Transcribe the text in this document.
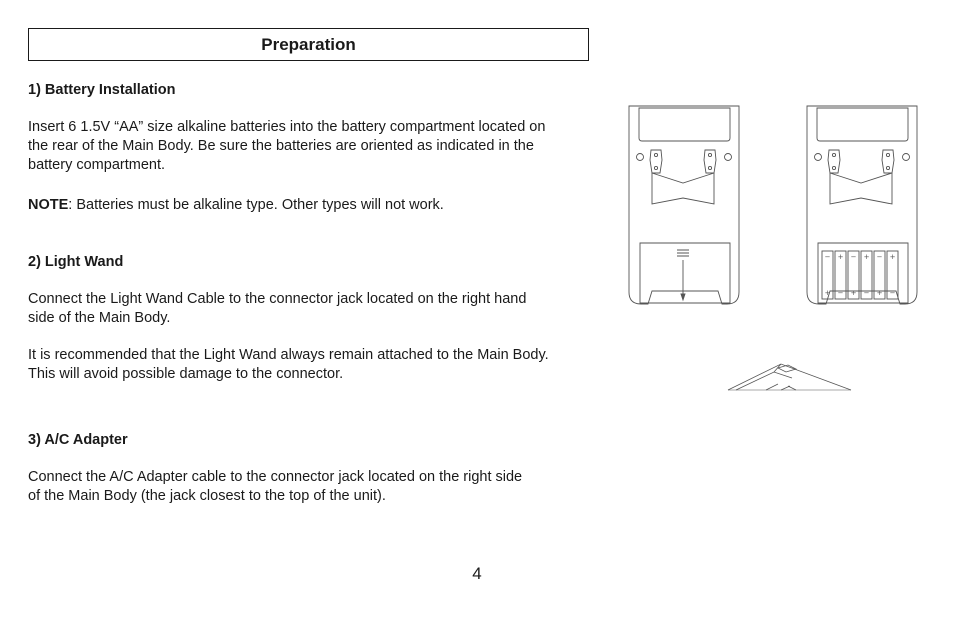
Preparation
1) Battery Installation
Insert 6 1.5V “AA” size alkaline batteries into the battery compartment located on
the rear of the Main Body. Be sure the batteries are oriented as indicated in the
battery compartment.
NOTE: Batteries must be alkaline type. Other types will not work.
2) Light Wand
Connect the Light Wand Cable to the connector jack located on the right hand
side of the Main Body.
It is recommended that the Light Wand always remain attached to the Main Body.
This will avoid possible damage to the connector.
3) A/C Adapter
Connect the A/C Adapter cable to the connector jack located on the right side
of the Main Body (the jack closest to the top of the unit).
4
−
+
+
−
−
+
+
−
−
+
+
−
